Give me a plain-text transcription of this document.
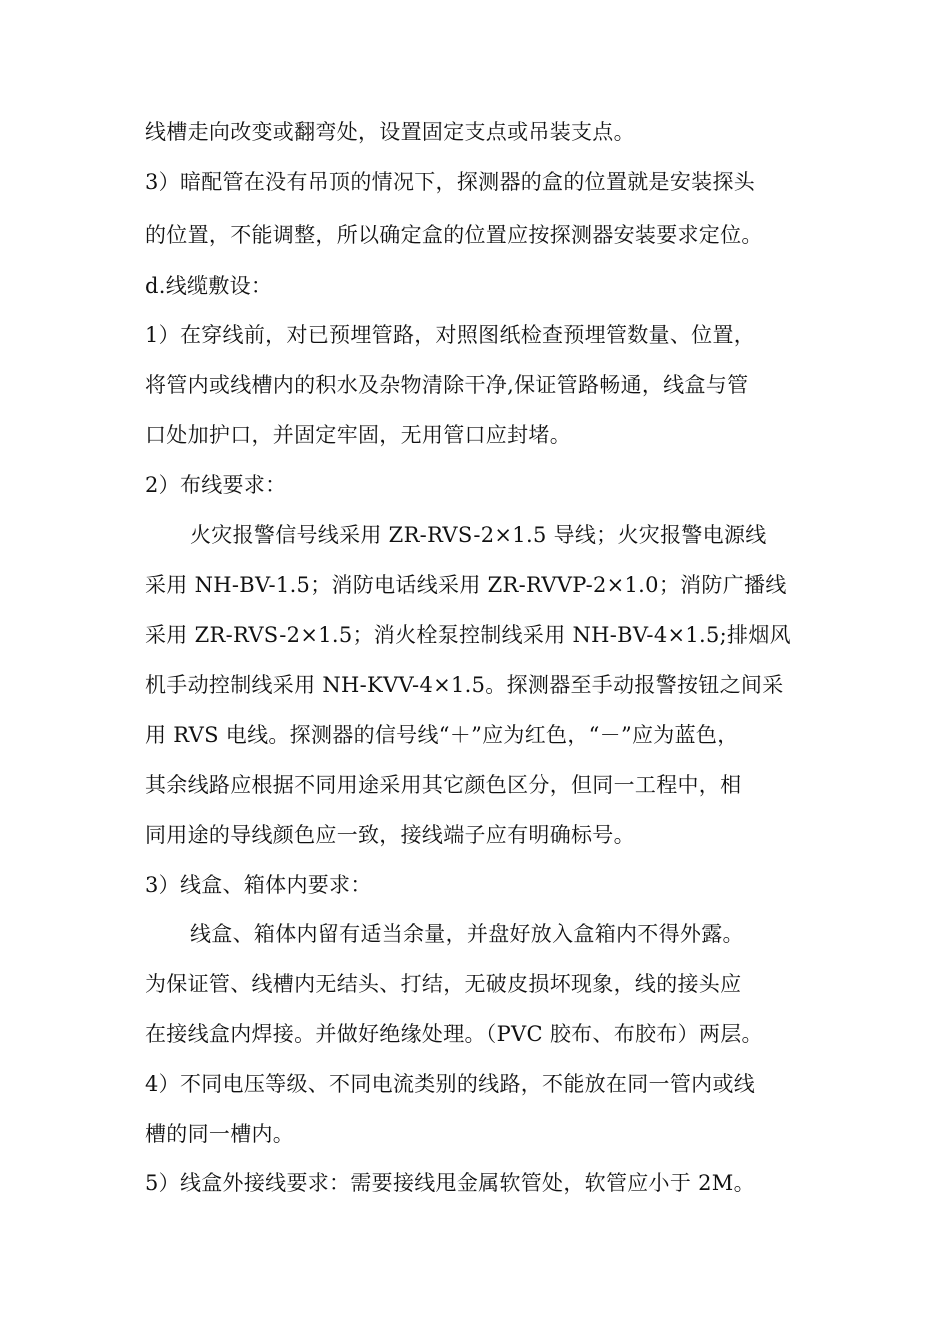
线槽走向改变或翻弯处，设置固定支点或吊装支点。
3）暗配管在没有吊顶的情况下，探测器的盒的位置就是安装探头
的位置，不能调整，所以确定盒的位置应按探测器安装要求定位。
d.线缆敷设：
1）在穿线前，对已预埋管路，对照图纸检查预埋管数量、位置，
将管内或线槽内的积水及杂物清除干净,保证管路畅通，线盒与管
口处加护口，并固定牢固，无用管口应封堵。
2）布线要求：
火灾报警信号线采用 ZR-RVS-2×1.5 导线；火灾报警电源线
采用 NH-BV-1.5；消防电话线采用 ZR-RVVP-2×1.0；消防广播线
采用 ZR-RVS-2×1.5；消火栓泵控制线采用 NH-BV-4×1.5;排烟风
机手动控制线采用 NH-KVV-4×1.5。探测器至手动报警按钮之间采
用 RVS 电线。探测器的信号线“＋”应为红色，“－”应为蓝色，
其余线路应根据不同用途采用其它颜色区分，但同一工程中，相
同用途的导线颜色应一致，接线端子应有明确标号。
3）线盒、箱体内要求：
线盒、箱体内留有适当余量，并盘好放入盒箱内不得外露。
为保证管、线槽内无结头、打结，无破皮损坏现象，线的接头应
在接线盒内焊接。并做好绝缘处理。（PVC 胶布、布胶布）两层。
4）不同电压等级、不同电流类别的线路，不能放在同一管内或线
槽的同一槽内。
5）线盒外接线要求：需要接线甩金属软管处，软管应小于 2M。
